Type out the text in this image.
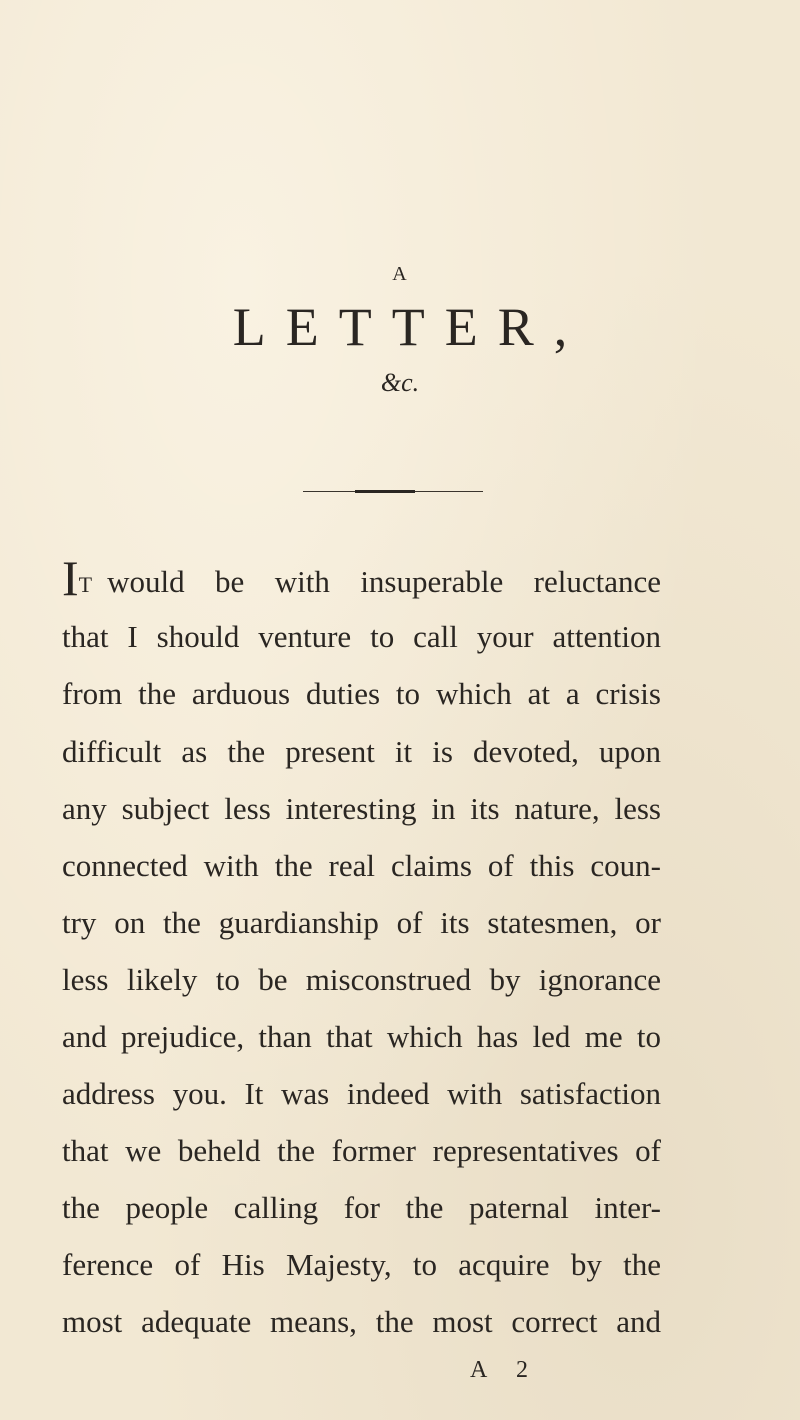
A
LETTER,
&c.
IT would be with insuperable reluctance
that I should venture to call your attention
from the arduous duties to which at a crisis
difficult as the present it is devoted, upon
any subject less interesting in its nature, less
connected with the real claims of this coun-
try on the guardianship of its statesmen, or
less likely to be misconstrued by ignorance
and prejudice, than that which has led me to
address you. It was indeed with satisfaction
that we beheld the former representatives of
the people calling for the paternal inter-
ference of His Majesty, to acquire by the
most adequate means, the most correct and
A 2
